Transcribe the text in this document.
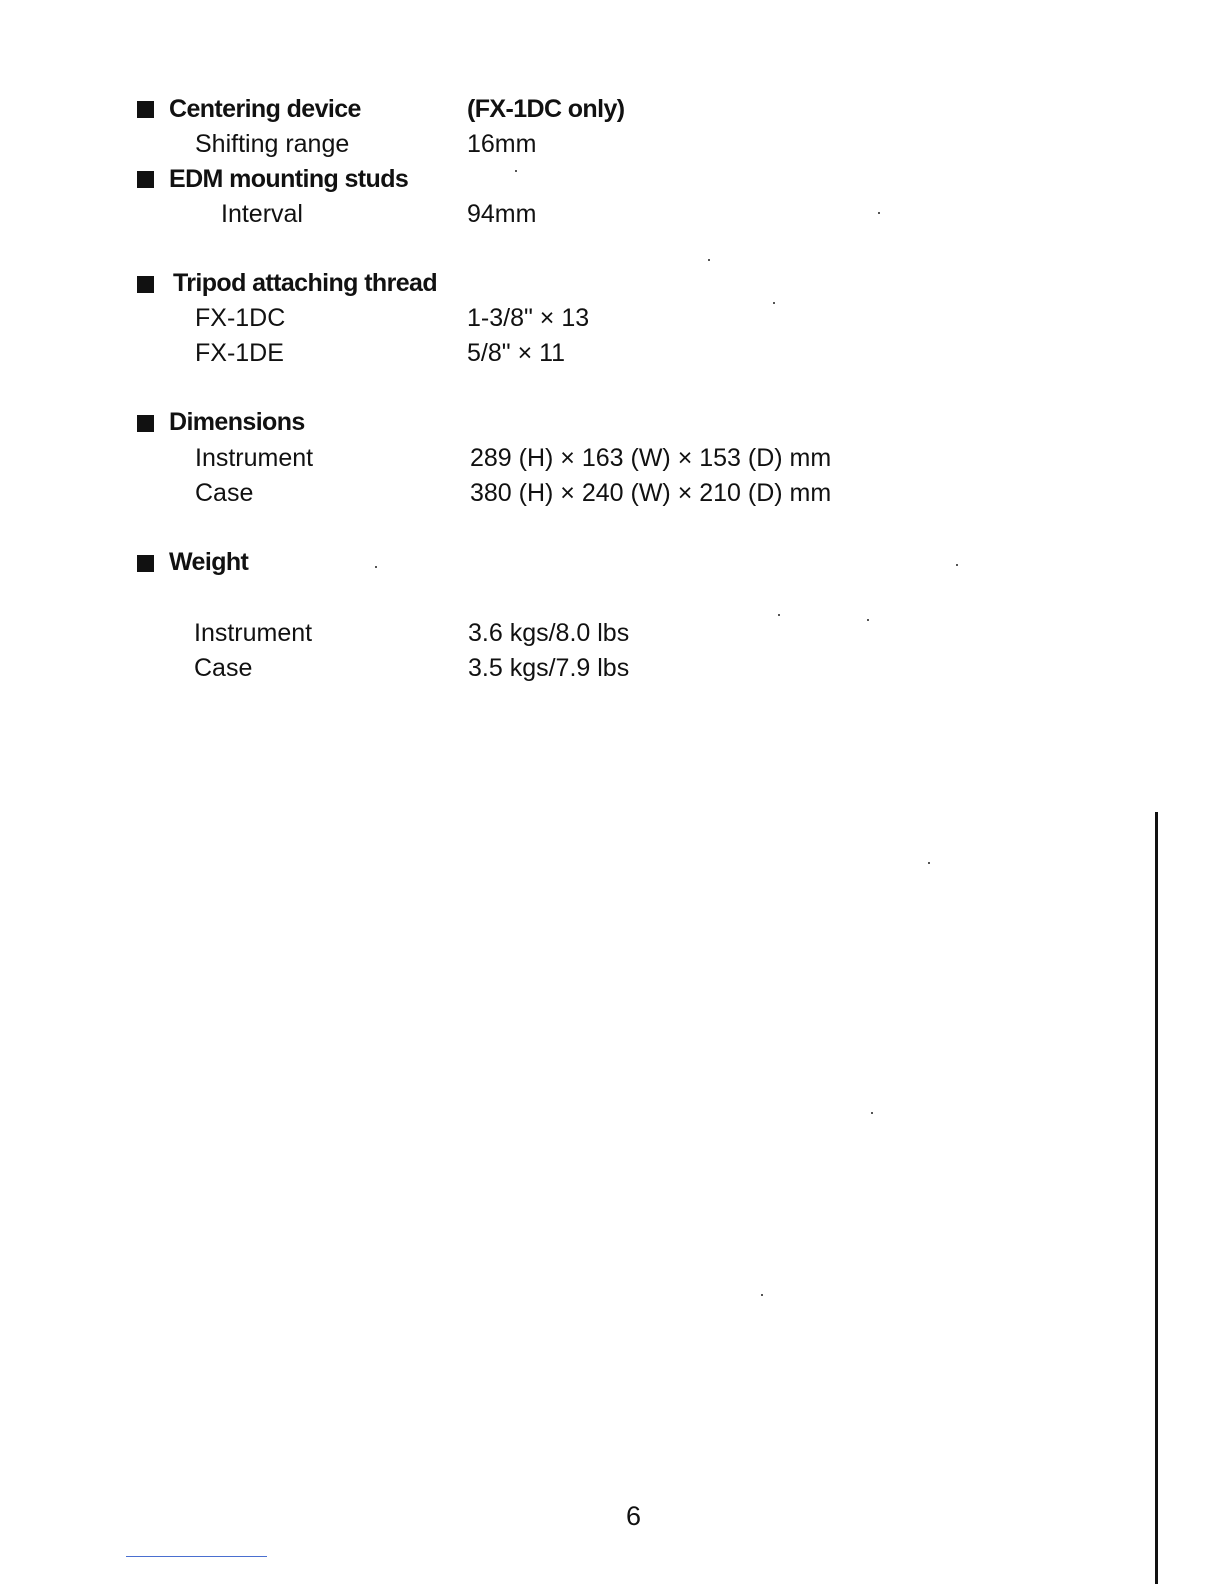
Centering device	(FX-1DC only)
Shifting range	16mm
EDM mounting studs
Interval	94mm
Tripod attaching thread
FX-1DC	1-3/8" × 13
FX-1DE	5/8" × 11
Dimensions
Instrument	289 (H) × 163 (W) × 153 (D) mm
Case	380 (H) × 240 (W) × 210 (D) mm
Weight
Instrument	3.6 kgs/8.0 lbs
Case	3.5 kgs/7.9 lbs
6
